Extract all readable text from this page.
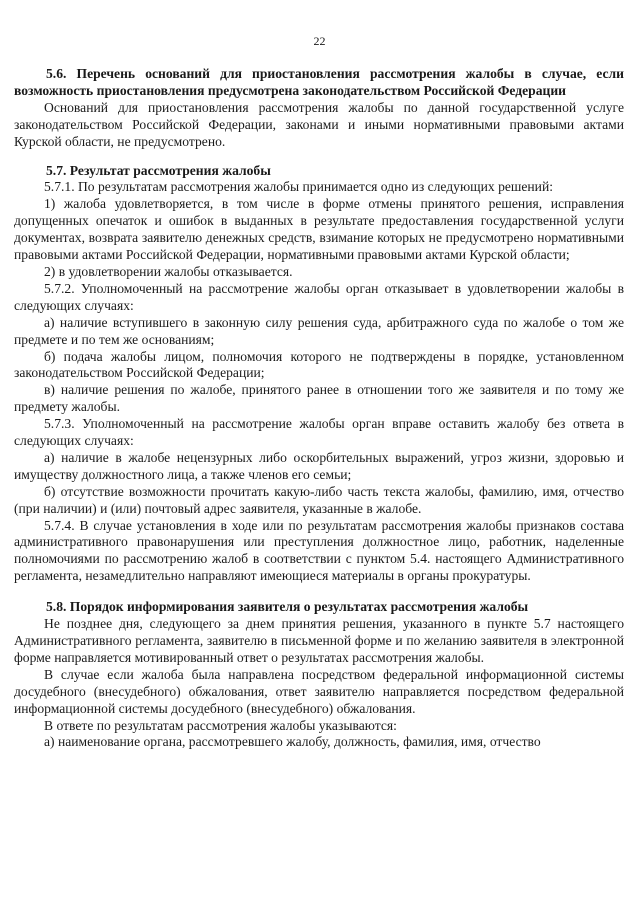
22
5.6. Перечень оснований для приостановления рассмотрения жалобы в случае, если возможность приостановления предусмотрена законодательством Российской Федерации
Оснований для приостановления рассмотрения жалобы по данной государственной услуге законодательством Российской Федерации, законами и иными нормативными правовыми актами Курской области, не предусмотрено.
5.7. Результат рассмотрения жалобы
5.7.1. По результатам рассмотрения жалобы принимается одно из следующих решений:
1) жалоба удовлетворяется, в том числе в форме отмены принятого решения, исправления допущенных опечаток и ошибок в выданных в результате предоставления государственной услуги документах, возврата заявителю денежных средств, взимание которых не предусмотрено нормативными правовыми актами Российской Федерации, нормативными правовыми актами Курской области;
2) в удовлетворении жалобы отказывается.
5.7.2. Уполномоченный на рассмотрение жалобы орган отказывает в удовлетворении жалобы в следующих случаях:
а) наличие вступившего в законную силу решения суда, арбитражного суда по жалобе о том же предмете и по тем же основаниям;
б) подача жалобы лицом, полномочия которого не подтверждены в порядке, установленном законодательством Российской Федерации;
в) наличие решения по жалобе, принятого ранее в отношении того же заявителя и по тому же предмету жалобы.
5.7.3. Уполномоченный на рассмотрение жалобы орган вправе оставить жалобу без ответа в следующих случаях:
а) наличие в жалобе нецензурных либо оскорбительных выражений, угроз жизни, здоровью и имуществу должностного лица, а также членов его семьи;
б) отсутствие возможности прочитать какую-либо часть текста жалобы, фамилию, имя, отчество (при наличии) и (или) почтовый адрес заявителя, указанные в жалобе.
5.7.4. В случае установления в ходе или по результатам рассмотрения жалобы признаков состава административного правонарушения или преступления должностное лицо, работник, наделенные полномочиями по рассмотрению жалоб в соответствии с пунктом 5.4. настоящего Административного регламента, незамедлительно направляют имеющиеся материалы в органы прокуратуры.
5.8. Порядок информирования заявителя о результатах рассмотрения жалобы
Не позднее дня, следующего за днем принятия решения, указанного в пункте 5.7 настоящего Административного регламента, заявителю в письменной форме и по желанию заявителя в электронной форме направляется мотивированный ответ о результатах рассмотрения жалобы.
В случае если жалоба была направлена посредством федеральной информационной системы досудебного (внесудебного) обжалования, ответ заявителю направляется посредством федеральной информационной системы досудебного (внесудебного) обжалования.
В ответе по результатам рассмотрения жалобы указываются:
а) наименование органа, рассмотревшего жалобу, должность, фамилия, имя, отчество
